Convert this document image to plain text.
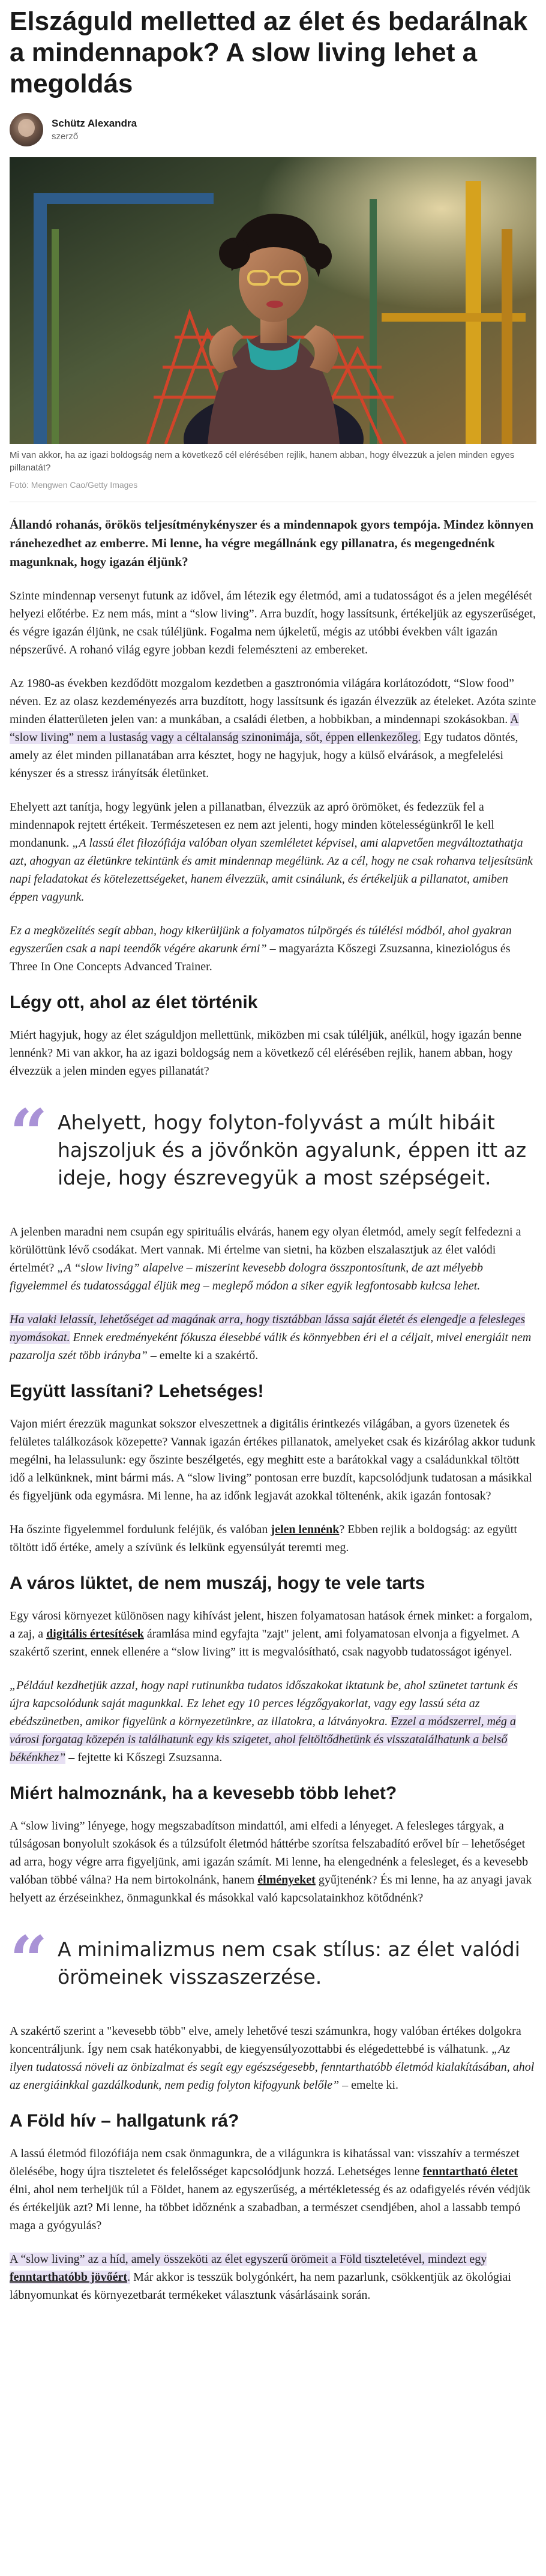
Elszáguld melletted az élet és bedarálnak a mindennapok? A slow living lehet a megoldás
Schütz Alexandra
szerző
Mi van akkor, ha az igazi boldogság nem a következő cél elérésében rejlik, hanem abban, hogy élvezzük a jelen minden egyes pillanatát?
Fotó: Mengwen Cao/Getty Images

Állandó rohanás, örökös teljesítménykényszer és a mindennapok gyors tempója. Mindez könnyen ránehezedhet az emberre. Mi lenne, ha végre megállnánk egy pillanatra, és megengednénk magunknak, hogy igazán éljünk?

Szinte mindennap versenyt futunk az idővel, ám létezik egy életmód, ami a tudatosságot és a jelen megélését helyezi előtérbe. Ez nem más, mint a “slow living”. Arra buzdít, hogy lassítsunk, értékeljük az egyszerűséget, és végre igazán éljünk, ne csak túléljünk. Fogalma nem újkeletű, mégis az utóbbi években vált igazán népszerűvé. A rohanó világ egyre jobban kezdi felemészteni az embereket.

Az 1980-as években kezdődött mozgalom kezdetben a gasztronómia világára korlátozódott, “Slow food” néven. Ez az olasz kezdeményezés arra buzdított, hogy lassítsunk és igazán élvezzük az ételeket. Azóta szinte minden élatterületen jelen van: a munkában, a családi életben, a hobbikban, a mindennapi szokásokban. A “slow living” nem a lustaság vagy a céltalanság szinonimája, sőt, éppen ellenkezőleg. Egy tudatos döntés, amely az élet minden pillanatában arra késztet, hogy ne hagyjuk, hogy a külső elvárások, a megfelelési kényszer és a stressz irányítsák életünket.

Ehelyett azt tanítja, hogy legyünk jelen a pillanatban, élvezzük az apró örömöket, és fedezzük fel a mindennapok rejtett értékeit. Természetesen ez nem azt jelenti, hogy minden kötelességünkről le kell mondanunk. „A lassú élet filozófiája valóban olyan szemléletet képvisel, ami alapvetően megváltoztathatja azt, ahogyan az életünkre tekintünk és amit mindennap megélünk. Az a cél, hogy ne csak rohanva teljesítsünk napi feladatokat és kötelezettségeket, hanem élvezzük, amit csinálunk, és értékeljük a pillanatot, amiben éppen vagyunk.

Ez a megközelítés segít abban, hogy kikerüljünk a folyamatos túlpörgés és túlélési módból, ahol gyakran egyszerűen csak a napi teendők végére akarunk érni” – magyarázta Kőszegi Zsuzsanna, kineziológus és Three In One Concepts Advanced Trainer.

Légy ott, ahol az élet történik

Miért hagyjuk, hogy az élet száguldjon mellettünk, miközben mi csak túléljük, anélkül, hogy igazán benne lennénk? Mi van akkor, ha az igazi boldogság nem a következő cél elérésében rejlik, hanem abban, hogy élvezzük a jelen minden egyes pillanatát?

“ Ahelyett, hogy folyton-folyvást a múlt hibáit hajszoljuk és a jövőnkön agyalunk, éppen itt az ideje, hogy észrevegyük a most szépségeit.

A jelenben maradni nem csupán egy spirituális elvárás, hanem egy olyan életmód, amely segít felfedezni a körülöttünk lévő csodákat. Mert vannak. Mi értelme van sietni, ha közben elszalasztjuk az élet valódi értelmét? „A “slow living” alapelve – miszerint kevesebb dologra összpontosítunk, de azt mélyebb figyelemmel és tudatossággal éljük meg – meglepő módon a siker egyik legfontosabb kulcsa lehet.

Ha valaki lelassít, lehetőséget ad magának arra, hogy tisztábban lássa saját életét és elengedje a felesleges nyomásokat. Ennek eredményeként fókusza élesebbé válik és könnyebben éri el a céljait, mivel energiáit nem pazarolja szét több irányba” – emelte ki a szakértő.

Együtt lassítani? Lehetséges!

Vajon miért érezzük magunkat sokszor elveszettnek a digitális érintkezés világában, a gyors üzenetek és felületes találkozások közepette? Vannak igazán értékes pillanatok, amelyeket csak és kizárólag akkor tudunk megélni, ha lelassulunk: egy őszinte beszélgetés, egy meghitt este a barátokkal vagy a családunkkal töltött idő a lelkünknek, mint bármi más. A “slow living” pontosan erre buzdít, kapcsolódjunk tudatosan a másikkal és figyeljünk oda egymásra. Mi lenne, ha az időnk legjavát azokkal töltenénk, akik igazán fontosak?

Ha őszinte figyelemmel fordulunk feléjük, és valóban jelen lennénk? Ebben rejlik a boldogság: az együtt töltött idő értéke, amely a szívünk és lelkünk egyensúlyát teremti meg.

A város lüktet, de nem muszáj, hogy te vele tarts

Egy városi környezet különösen nagy kihívást jelent, hiszen folyamatosan hatások érnek minket: a forgalom, a zaj, a digitális értesítések áramlása mind egyfajta "zajt" jelent, ami folyamatosan elvonja a figyelmet. A szakértő szerint, ennek ellenére a “slow living” itt is megvalósítható, csak nagyobb tudatosságot igényel.

„Például kezdhetjük azzal, hogy napi rutinunkba tudatos időszakokat iktatunk be, ahol szünetet tartunk és újra kapcsolódunk saját magunkkal. Ez lehet egy 10 perces légzőgyakorlat, vagy egy lassú séta az ebédszünetben, amikor figyelünk a környezetünkre, az illatokra, a látványokra. Ezzel a módszerrel, még a városi forgatag közepén is találhatunk egy kis szigetet, ahol feltöltődhetünk és visszatalálhatunk a belső békénkhez” – fejtette ki Kőszegi Zsuzsanna.

Miért halmoznánk, ha a kevesebb több lehet?

A “slow living” lényege, hogy megszabadítson mindattól, ami elfedi a lényeget. A felesleges tárgyak, a túlságosan bonyolult szokások és a túlzsúfolt életmód háttérbe szorítsa felszabadító erővel bír – lehetőséget ad arra, hogy végre arra figyeljünk, ami igazán számít. Mi lenne, ha elengednénk a felesleget, és a kevesebb valóban többé válna? Ha nem birtokolnánk, hanem élményeket gyűjtenénk? És mi lenne, ha az anyagi javak helyett az érzéseinkhez, önmagunkkal és másokkal való kapcsolatainkhoz kötődnénk?

“ A minimalizmus nem csak stílus: az élet valódi örömeinek visszaszerzése.

A szakértő szerint a "kevesebb több" elve, amely lehetővé teszi számunkra, hogy valóban értékes dolgokra koncentráljunk. Így nem csak hatékonyabbi, de kiegyensúlyozottabbi és elégedettebbé is válhatunk. „Az ilyen tudatossá növeli az önbizalmat és segít egy egészségesebb, fenntarthatóbb életmód kialakításában, ahol az energiáinkkal gazdálkodunk, nem pedig folyton kifogyunk belőle” – emelte ki.

A Föld hív – hallgatunk rá?

A lassú életmód filozófiája nem csak önmagunkra, de a világunkra is kihatással van: visszahív a természet ölelésébe, hogy újra tiszteletet és felelősséget kapcsolódjunk hozzá. Lehetséges lenne fenntartható életet élni, ahol nem terheljük túl a Földet, hanem az egyszerűség, a mértékletesség és az odafigyelés révén védjük és értékeljük azt? Mi lenne, ha többet időznénk a szabadban, a természet csendjében, ahol a lassabb tempó maga a gyógyulás?

A “slow living” az a híd, amely összeköti az élet egyszerű örömeit a Föld tiszteletével, mindezt egy fenntarthatóbb jövőért. Már akkor is tesszük bolygónkért, ha nem pazarlunk, csökkentjük az ökológiai lábnyomunkat és környezetbarát termékeket választunk vásárlásaink során.
